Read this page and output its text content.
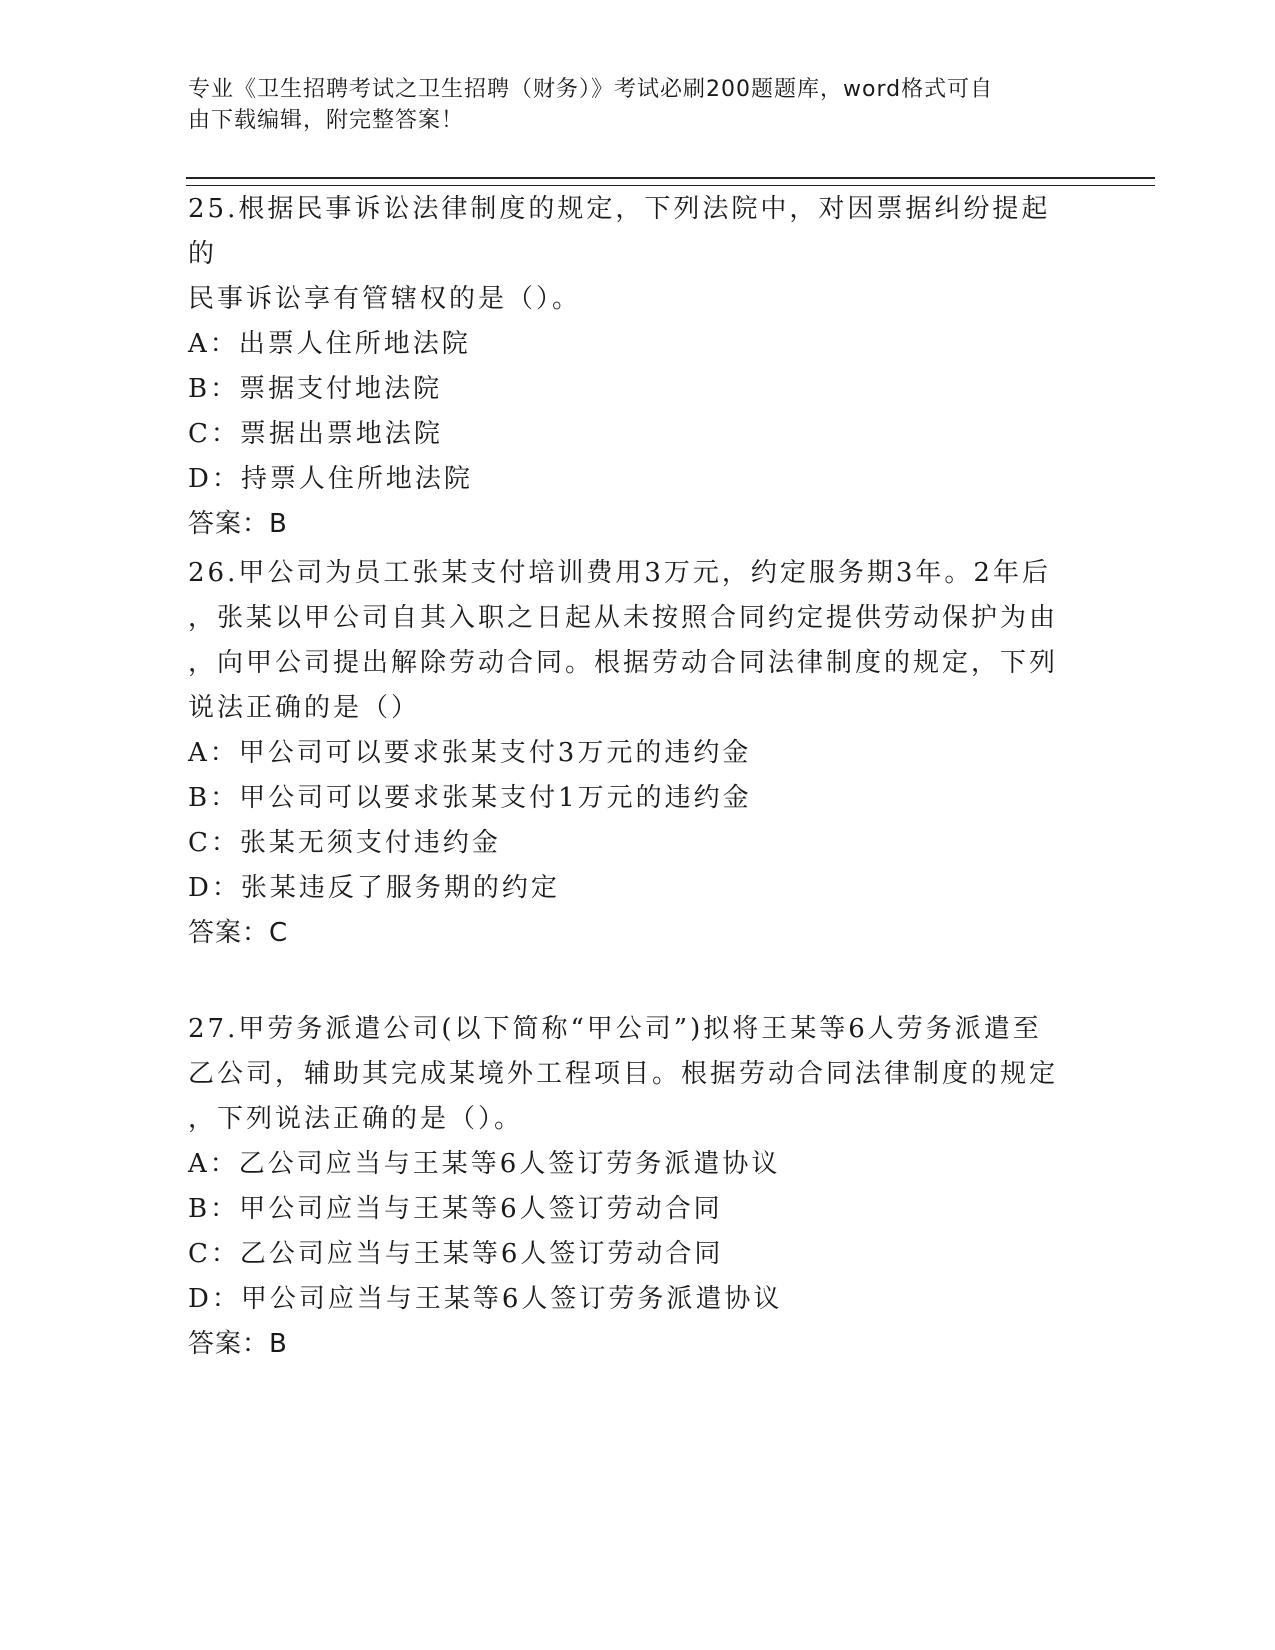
专业《卫生招聘考试之卫生招聘（财务）》考试必刷200题题库，word格式可自
由下载编辑，附完整答案！
25.根据民事诉讼法律制度的规定，下列法院中，对因票据纠纷提起的
民事诉讼享有管辖权的是（）。
A：出票人住所地法院
B：票据支付地法院
C：票据出票地法院
D：持票人住所地法院
答案：B
26.甲公司为员工张某支付培训费用3万元，约定服务期3年。2年后
，张某以甲公司自其入职之日起从未按照合同约定提供劳动保护为由
，向甲公司提出解除劳动合同。根据劳动合同法律制度的规定，下列
说法正确的是（）
A：甲公司可以要求张某支付3万元的违约金
B：甲公司可以要求张某支付1万元的违约金
C：张某无须支付违约金
D：张某违反了服务期的约定
答案：C
27.甲劳务派遣公司(以下简称“甲公司”)拟将王某等6人劳务派遣至
乙公司，辅助其完成某境外工程项目。根据劳动合同法律制度的规定
，下列说法正确的是（）。
A：乙公司应当与王某等6人签订劳务派遣协议
B：甲公司应当与王某等6人签订劳动合同
C：乙公司应当与王某等6人签订劳动合同
D：甲公司应当与王某等6人签订劳务派遣协议
答案：B
